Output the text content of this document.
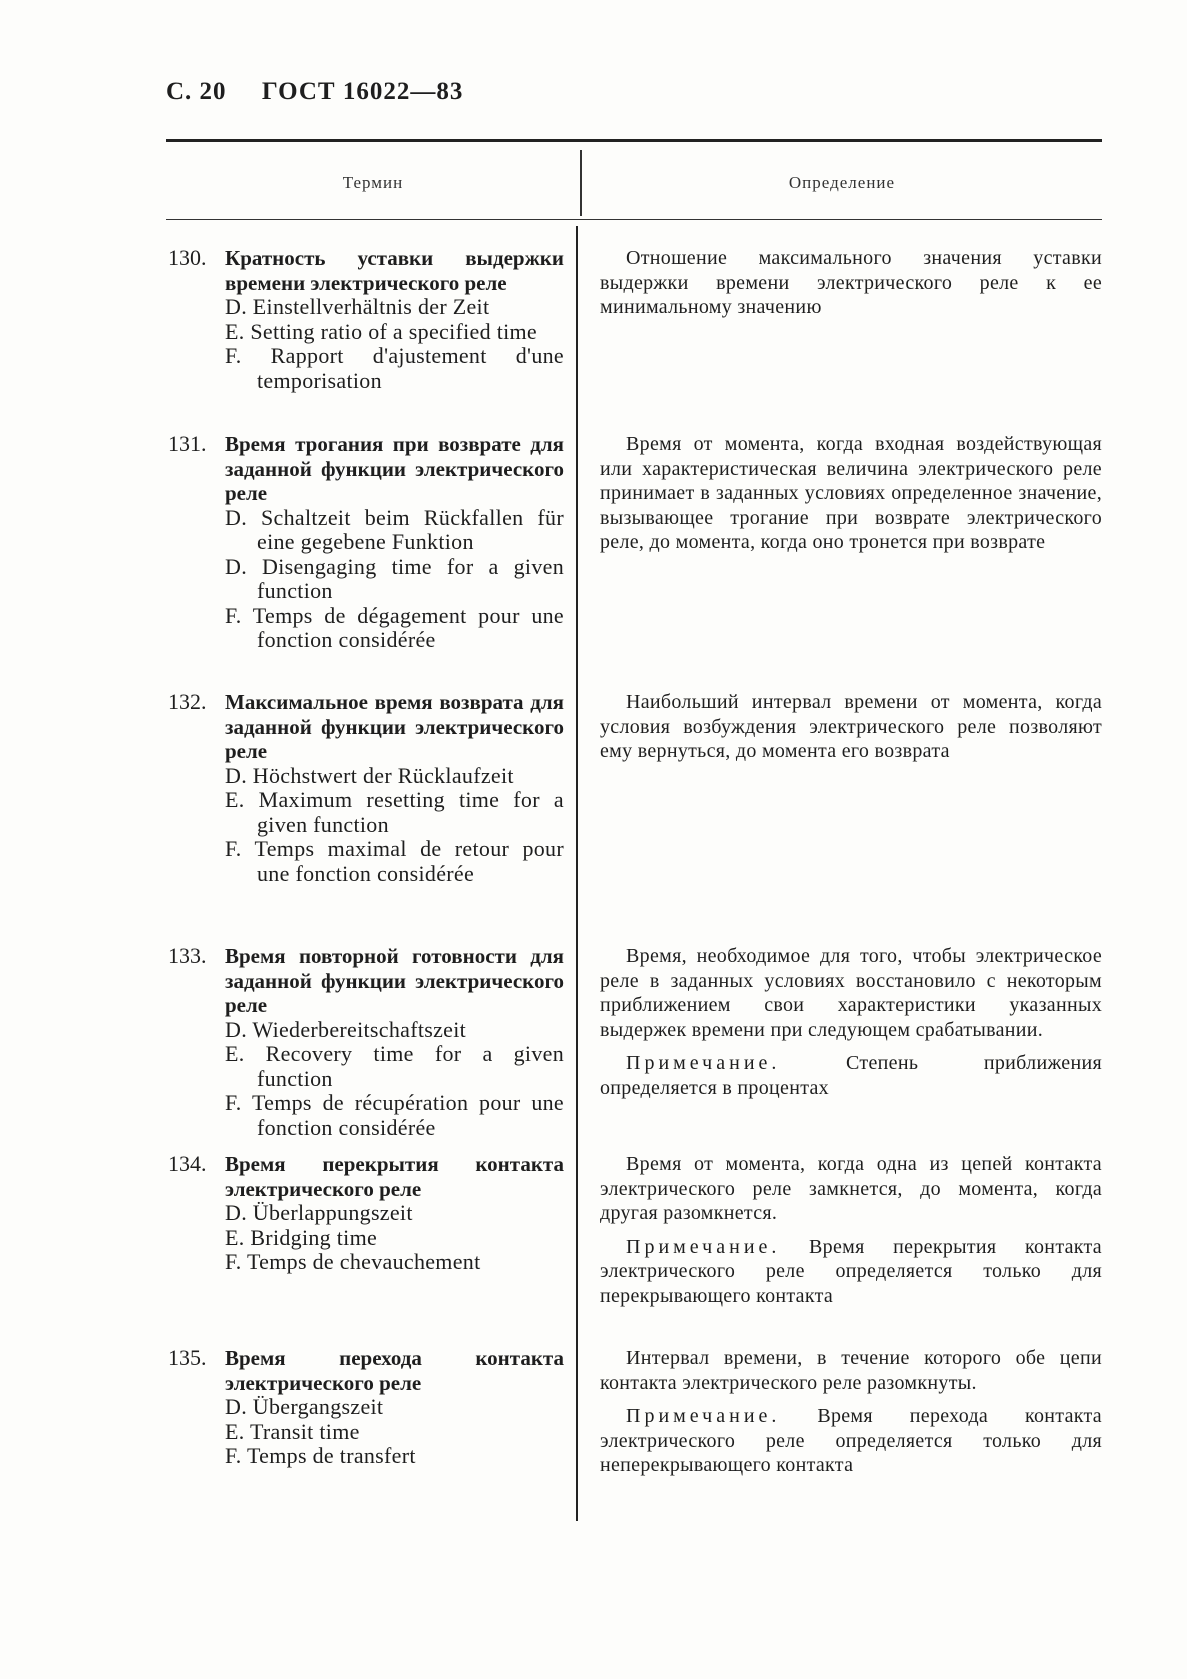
С. 20 ГОСТ 16022—83
Термин	Определение
130. Кратность уставки выдержки времени электрического реле
D. Einstellverhältnis der Zeit
E. Setting ratio of a specified time
F. Rapport d'ajustement d'une temporisation

Отношение максимального значения уставки выдержки времени электрического реле к ее минимальному значению

131. Время трогания при возврате для заданной функции электрического реле
D. Schaltzeit beim Rückfallen für eine gegebene Funktion
D. Disengaging time for a given function
F. Temps de dégagement pour une fonction considérée

Время от момента, когда входная воздействующая или характеристическая величина электрического реле принимает в заданных условиях определенное значение, вызывающее трогание при возврате электрического реле, до момента, когда оно тронется при возврате

132. Максимальное время возврата для заданной функции электрического реле
D. Höchstwert der Rücklaufzeit
E. Maximum resetting time for a given function
F. Temps maximal de retour pour une fonction considérée

Наибольший интервал времени от момента, когда условия возбуждения электрического реле позволяют ему вернуться, до момента его возврата

133. Время повторной готовности для заданной функции электрического реле
D. Wiederbereitschaftszeit
E. Recovery time for a given function
F. Temps de récupération pour une fonction considérée

Время, необходимое для того, чтобы электрическое реле в заданных условиях восстановило с некоторым приближением свои характеристики указанных выдержек времени при следующем срабатывании.

Примечание.	Степень приближения определяется в процентах

134. Время перекрытия контакта электрического реле
D. Überlappungszeit
E. Bridging time
F. Temps de chevauchement

Время от момента, когда одна из цепей контакта электрического реле замкнется, до момента, когда другая разомкнется.

Примечание. Время перекрытия контакта электрического реле определяется только для перекрывающего контакта

135. Время перехода контакта электрического реле
D. Übergangszeit
E. Transit time
F. Temps de transfert

Интервал времени, в течение которого обе цепи контакта электрического реле разомкнуты.

Примечание. Время перехода контакта электрического реле определяется только для неперекрывающего контакта
